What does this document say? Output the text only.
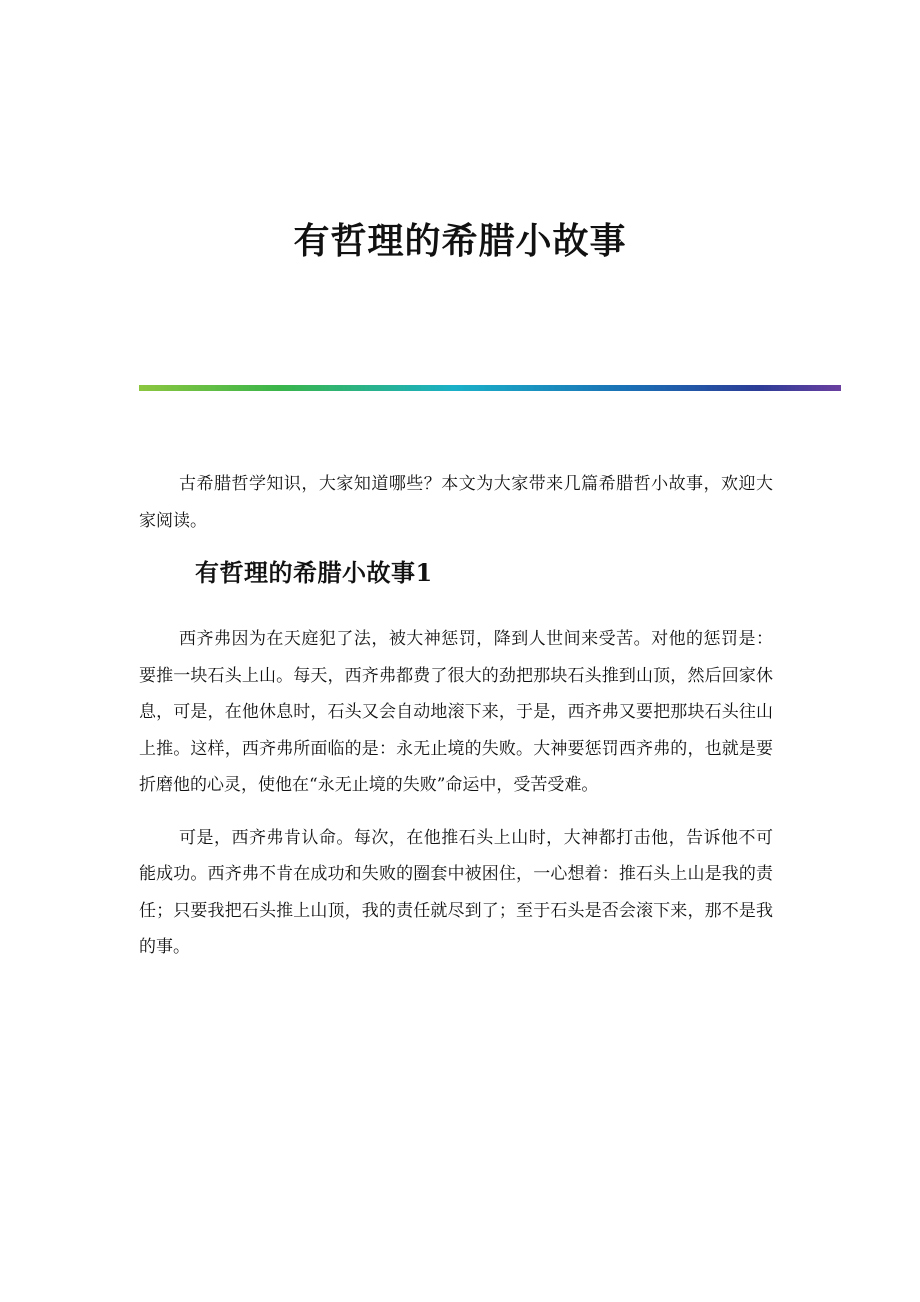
有哲理的希腊小故事

古希腊哲学知识，大家知道哪些？本文为大家带来几篇希腊哲小故事，欢迎大家阅读。

有哲理的希腊小故事1

西齐弗因为在天庭犯了法，被大神惩罚，降到人世间来受苦。对他的惩罚是：要推一块石头上山。每天，西齐弗都费了很大的劲把那块石头推到山顶，然后回家休息，可是，在他休息时，石头又会自动地滚下来，于是，西齐弗又要把那块石头往山上推。这样，西齐弗所面临的是：永无止境的失败。大神要惩罚西齐弗的，也就是要折磨他的心灵，使他在“永无止境的失败”命运中，受苦受难。

可是，西齐弗肯认命。每次，在他推石头上山时，大神都打击他，告诉他不可能成功。西齐弗不肯在成功和失败的圈套中被困住，一心想着：推石头上山是我的责任；只要我把石头推上山顶，我的责任就尽到了；至于石头是否会滚下来，那不是我的事。
